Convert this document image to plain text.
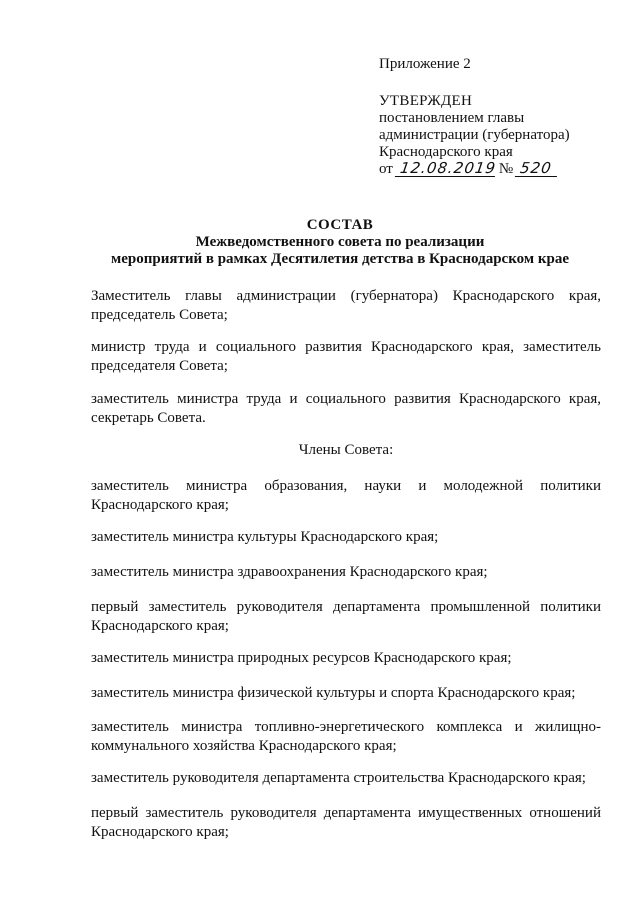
Приложение 2
УТВЕРЖДЕН
постановлением главы
администрации (губернатора)
Краснодарского края
от 12.08.2019 № 520
СОСТАВ
Межведомственного совета по реализации
мероприятий в рамках Десятилетия детства в Краснодарском крае
Заместитель главы администрации (губернатора) Краснодарского края, председатель Совета;
министр труда и социального развития Краснодарского края, заместитель председателя Совета;
заместитель министра труда и социального развития Краснодарского края, секретарь Совета.
Члены Совета:
заместитель министра образования, науки и молодежной политики Краснодарского края;
заместитель министра культуры Краснодарского края;
заместитель министра здравоохранения Краснодарского края;
первый заместитель руководителя департамента промышленной политики Краснодарского края;
заместитель министра природных ресурсов Краснодарского края;
заместитель министра физической культуры и спорта Краснодарского края;
заместитель министра топливно-энергетического комплекса и жилищно-коммунального хозяйства Краснодарского края;
заместитель руководителя департамента строительства Краснодарского края;
первый заместитель руководителя департамента имущественных отношений Краснодарского края;
